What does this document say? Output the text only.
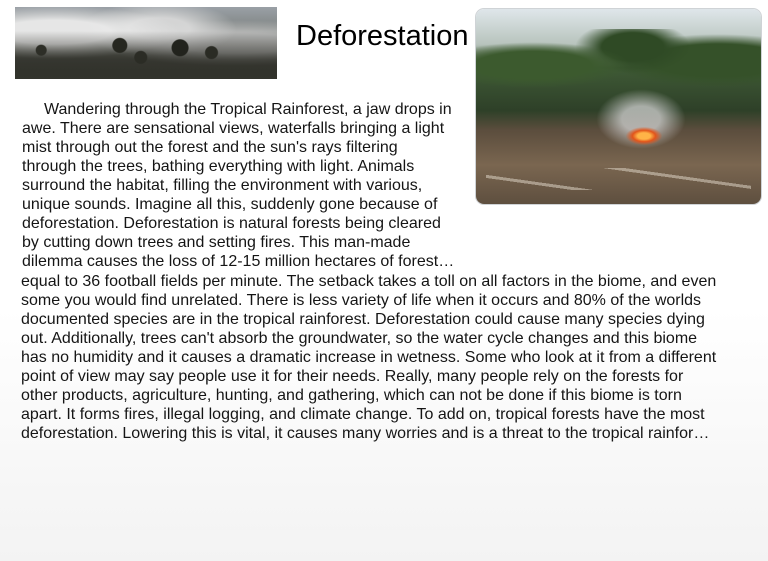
Deforestation

Wandering through the Tropical Rainforest, a jaw drops in
awe. There are sensational views, waterfalls bringing a light
mist through out the forest and the sun's rays filtering
through the trees, bathing everything with light. Animals
surround the habitat, filling the environment with various,
unique sounds. Imagine all this, suddenly gone because of
deforestation. Deforestation is natural forests being cleared
by cutting down trees and setting fires. This man-made
dilemma causes the loss of 12-15 million hectares of forest…

equal to 36 football fields per minute. The setback takes a toll on all factors in the biome, and even
some you would find unrelated. There is less variety of life when it occurs and 80% of the worlds
documented species are in the tropical rainforest. Deforestation could cause many species dying
out. Additionally, trees can't absorb the groundwater, so the water cycle changes and this biome
has no humidity and it causes a dramatic increase in wetness. Some who look at it from a different
point of view may say people use it for their needs. Really, many people rely on the forests for
other products, agriculture, hunting, and gathering, which can not be done if this biome is torn
apart. It forms fires, illegal logging, and climate change. To add on, tropical forests have the most
deforestation. Lowering this is vital, it causes many worries and is a threat to the tropical rainfor…
